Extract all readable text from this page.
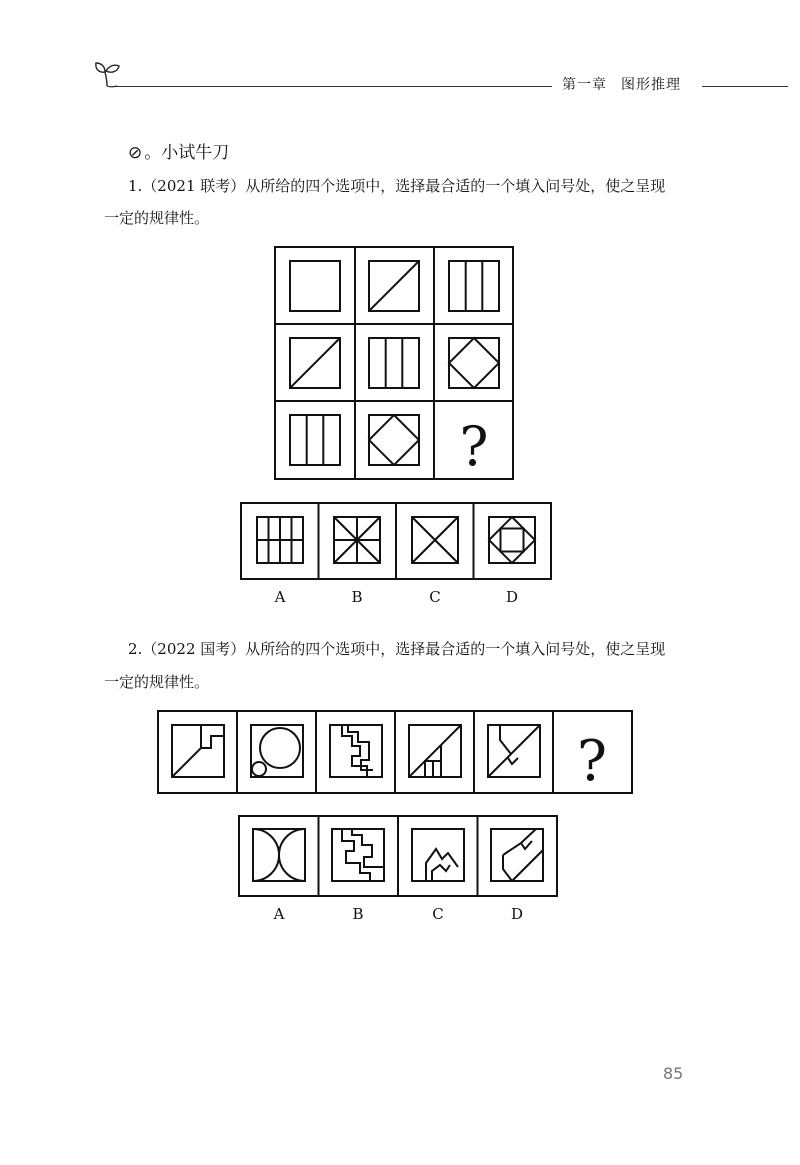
第一章 图形推理
⊘ 。小试牛刀
1.（2021 联考）从所给的四个选项中，选择最合适的一个填入问号处，使之呈现
一定的规律性。
?
A	B	C	D
2.（2022 国考）从所给的四个选项中，选择最合适的一个填入问号处，使之呈现
一定的规律性。
?
A	B	C	D
85
